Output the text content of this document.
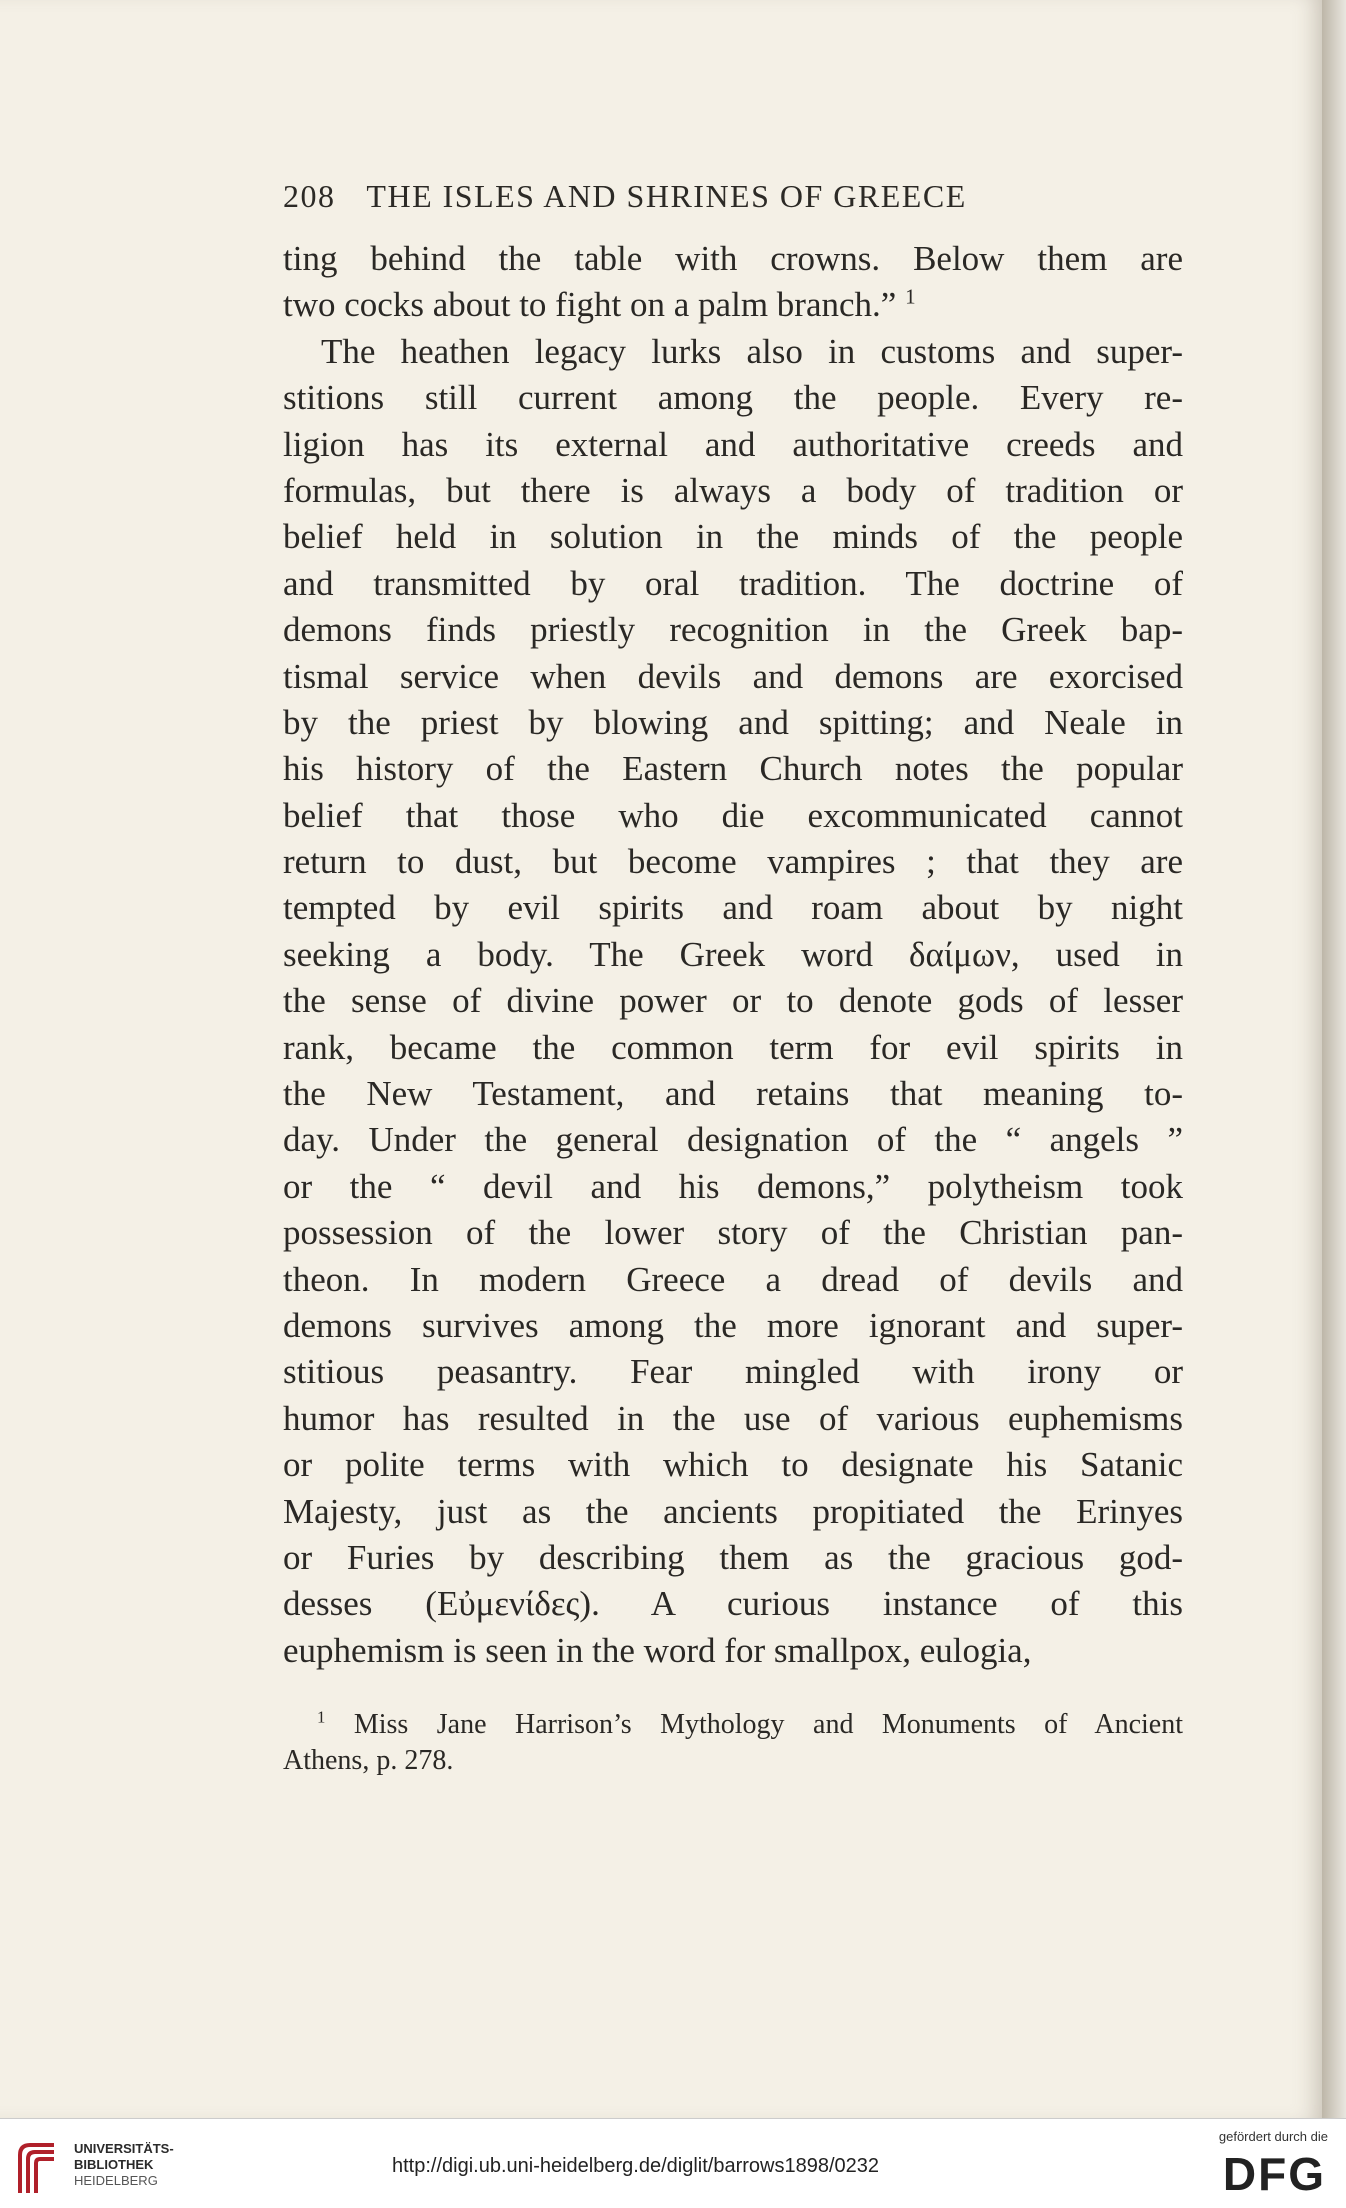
208 THE ISLES AND SHRINES OF GREECE
ting behind the table with crowns. Below them are
two cocks about to fight on a palm branch.” $^1$
The heathen legacy lurks also in customs and super-
stitions still current among the people. Every re-
ligion has its external and authoritative creeds and
formulas, but there is always a body of tradition or
belief held in solution in the minds of the people
and transmitted by oral tradition. The doctrine of
demons finds priestly recognition in the Greek bap-
tismal service when devils and demons are exorcised
by the priest by blowing and spitting; and Neale in
his history of the Eastern Church notes the popular
belief that those who die excommunicated cannot
return to dust, but become vampires ; that they are
tempted by evil spirits and roam about by night
seeking a body. The Greek word δαίμων, used in
the sense of divine power or to denote gods of lesser
rank, became the common term for evil spirits in
the New Testament, and retains that meaning to-
day. Under the general designation of the “ angels ”
or the “ devil and his demons,” polytheism took
possession of the lower story of the Christian pan-
theon. In modern Greece a dread of devils and
demons survives among the more ignorant and super-
stitious peasantry. Fear mingled with irony or
humor has resulted in the use of various euphemisms
or polite terms with which to designate his Satanic
Majesty, just as the ancients propitiated the Erinyes
or Furies by describing them as the gracious god-
desses (Εὐμενίδες). A curious instance of this
euphemism is seen in the word for smallpox, eulogia,
$^1$ Miss Jane Harrison’s Mythology and Monuments of Ancient
Athens, p. 278.
UNIVERSITÄTS-
BIBLIOTHEK
HEIDELBERG
http://digi.ub.uni-heidelberg.de/diglit/barrows1898/0232
gefördert durch die
DFG
